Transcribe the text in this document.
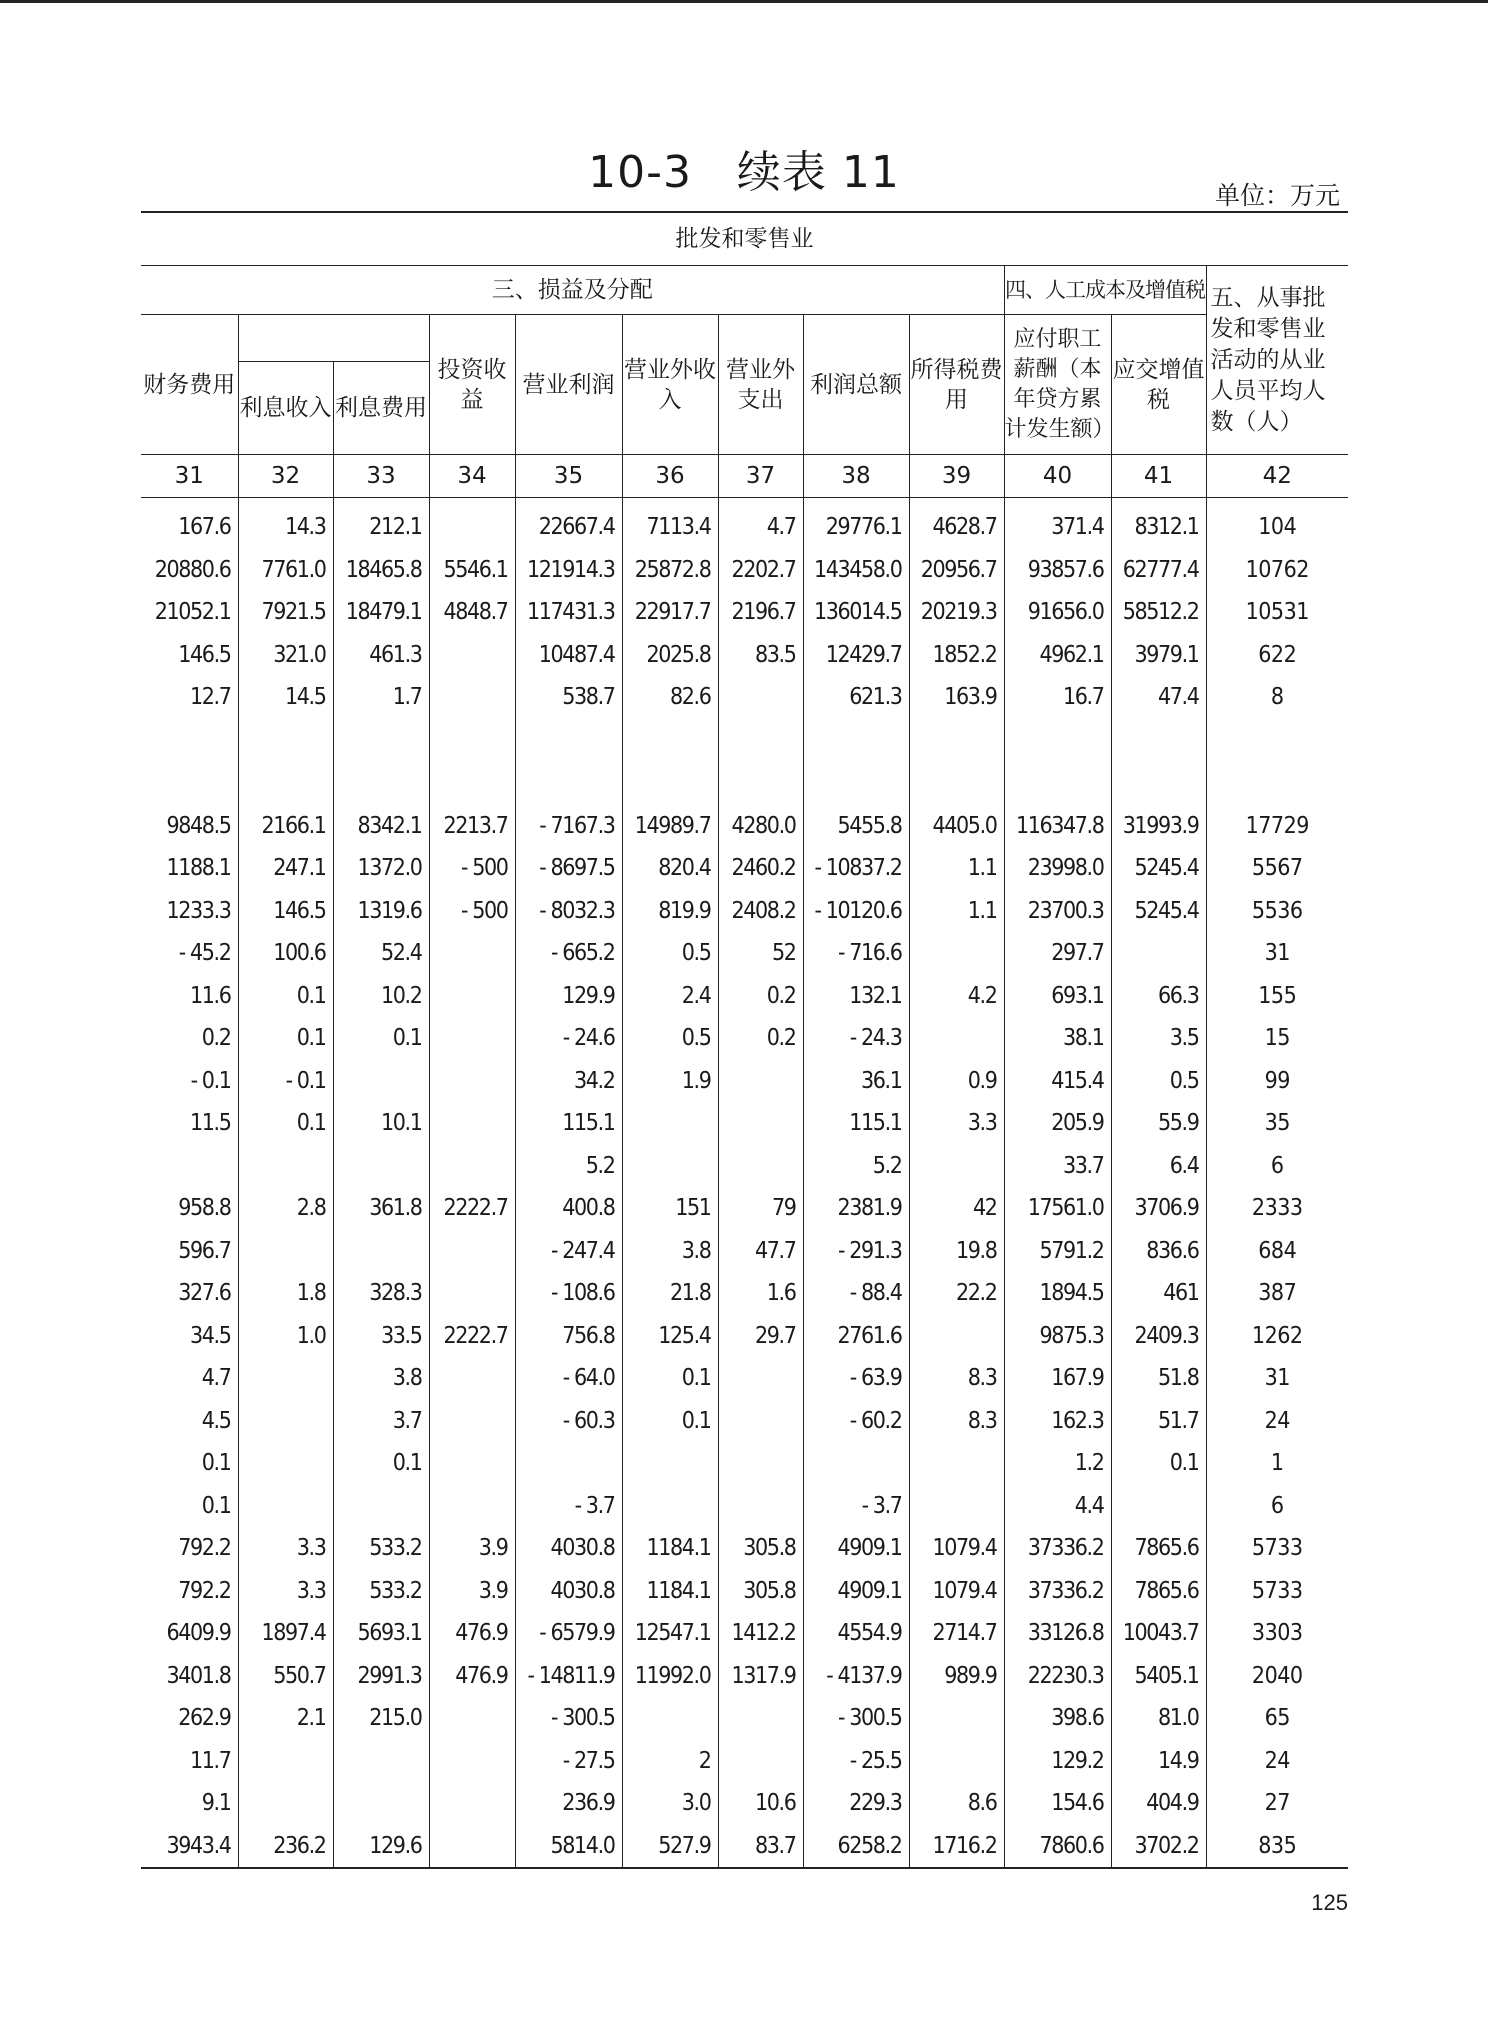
10-3　续表 11	单位：万元
批发和零售业											
三、损益及分配									四、人工成本及增值税		五、从事批发和零售业活动的从业人员平均人数（人）
财务费用			投资收益	营业利润	营业外收入	营业外支出	利润总额	所得税费用	应付职工薪酬（本年贷方累计发生额）	应交增值税	
	利息收入	利息费用									
31	32	33	34	35	36	37	38	39	40	41	42
167.6	14.3	212.1		22667.4	7113.4	4.7	29776.1	4628.7	371.4	8312.1	104
20880.6	7761.0	18465.8	5546.1	121914.3	25872.8	2202.7	143458.0	20956.7	93857.6	62777.4	10762
21052.1	7921.5	18479.1	4848.7	117431.3	22917.7	2196.7	136014.5	20219.3	91656.0	58512.2	10531
146.5	321.0	461.3		10487.4	2025.8	83.5	12429.7	1852.2	4962.1	3979.1	622
12.7	14.5	1.7		538.7	82.6		621.3	163.9	16.7	47.4	8

9848.5	2166.1	8342.1	2213.7	- 7167.3	14989.7	4280.0	5455.8	4405.0	116347.8	31993.9	17729
1188.1	247.1	1372.0	- 500	- 8697.5	820.4	2460.2	- 10837.2	1.1	23998.0	5245.4	5567
1233.3	146.5	1319.6	- 500	- 8032.3	819.9	2408.2	- 10120.6	1.1	23700.3	5245.4	5536
- 45.2	100.6	52.4		- 665.2	0.5	52	- 716.6		297.7		31
11.6	0.1	10.2		129.9	2.4	0.2	132.1	4.2	693.1	66.3	155
0.2	0.1	0.1		- 24.6	0.5	0.2	- 24.3		38.1	3.5	15
- 0.1	- 0.1			34.2	1.9		36.1	0.9	415.4	0.5	99
11.5	0.1	10.1		115.1			115.1	3.3	205.9	55.9	35
				5.2			5.2		33.7	6.4	6
958.8	2.8	361.8	2222.7	400.8	151	79	2381.9	42	17561.0	3706.9	2333
596.7				- 247.4	3.8	47.7	- 291.3	19.8	5791.2	836.6	684
327.6	1.8	328.3		- 108.6	21.8	1.6	- 88.4	22.2	1894.5	461	387
34.5	1.0	33.5	2222.7	756.8	125.4	29.7	2761.6		9875.3	2409.3	1262
4.7		3.8		- 64.0	0.1		- 63.9	8.3	167.9	51.8	31
4.5		3.7		- 60.3	0.1		- 60.2	8.3	162.3	51.7	24
0.1		0.1							1.2	0.1	1
0.1				- 3.7			- 3.7		4.4		6
792.2	3.3	533.2	3.9	4030.8	1184.1	305.8	4909.1	1079.4	37336.2	7865.6	5733
792.2	3.3	533.2	3.9	4030.8	1184.1	305.8	4909.1	1079.4	37336.2	7865.6	5733
6409.9	1897.4	5693.1	476.9	- 6579.9	12547.1	1412.2	4554.9	2714.7	33126.8	10043.7	3303
3401.8	550.7	2991.3	476.9	- 14811.9	11992.0	1317.9	- 4137.9	989.9	22230.3	5405.1	2040
262.9	2.1	215.0		- 300.5			- 300.5		398.6	81.0	65
11.7				- 27.5	2		- 25.5		129.2	14.9	24
9.1				236.9	3.0	10.6	229.3	8.6	154.6	404.9	27
3943.4	236.2	129.6		5814.0	527.9	83.7	6258.2	1716.2	7860.6	3702.2	835
125
